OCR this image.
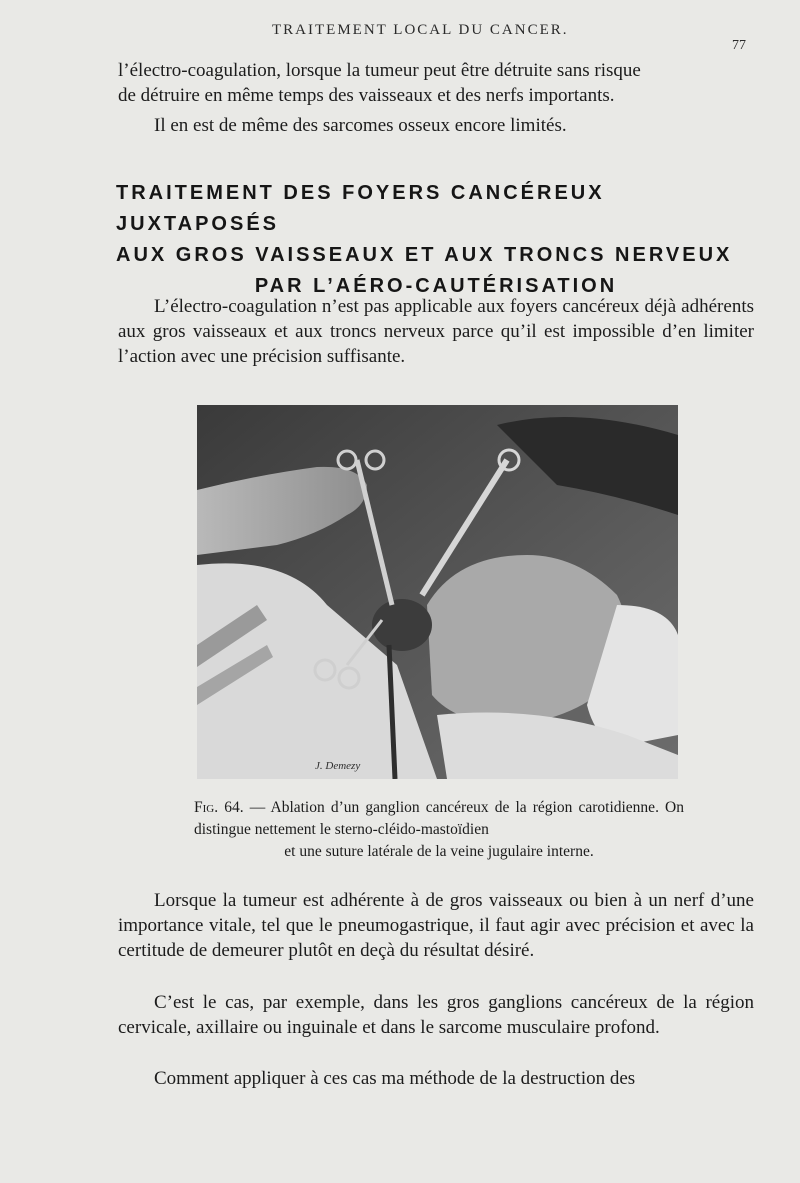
TRAITEMENT LOCAL DU CANCER.
77

l’électro-coagulation, lorsque la tumeur peut être détruite sans risque
de détruire en même temps des vaisseaux et des nerfs importants.

Il en est de même des sarcomes osseux encore limités.

TRAITEMENT DES FOYERS CANCÉREUX JUXTAPOSÉS
AUX GROS VAISSEAUX ET AUX TRONCS NERVEUX
PAR L’AÉRO-CAUTÉRISATION

L’électro-coagulation n’est pas applicable aux foyers cancéreux déjà adhérents aux gros vaisseaux et aux troncs nerveux parce qu’il est impossible d’en limiter l’action avec une précision suffisante.

J. Demezy

Fig. 64. — Ablation d’un ganglion cancéreux de la région carotidienne. On distingue nettement le sterno-cléido-mastoïdien
et une suture latérale de la veine jugulaire interne.

Lorsque la tumeur est adhérente à de gros vaisseaux ou bien à un nerf d’une importance vitale, tel que le pneumogastrique, il faut agir avec précision et avec la certitude de demeurer plutôt en deçà du résultat désiré.

C’est le cas, par exemple, dans les gros ganglions cancéreux de la région cervicale, axillaire ou inguinale et dans le sarcome musculaire profond.

Comment appliquer à ces cas ma méthode de la destruction des
